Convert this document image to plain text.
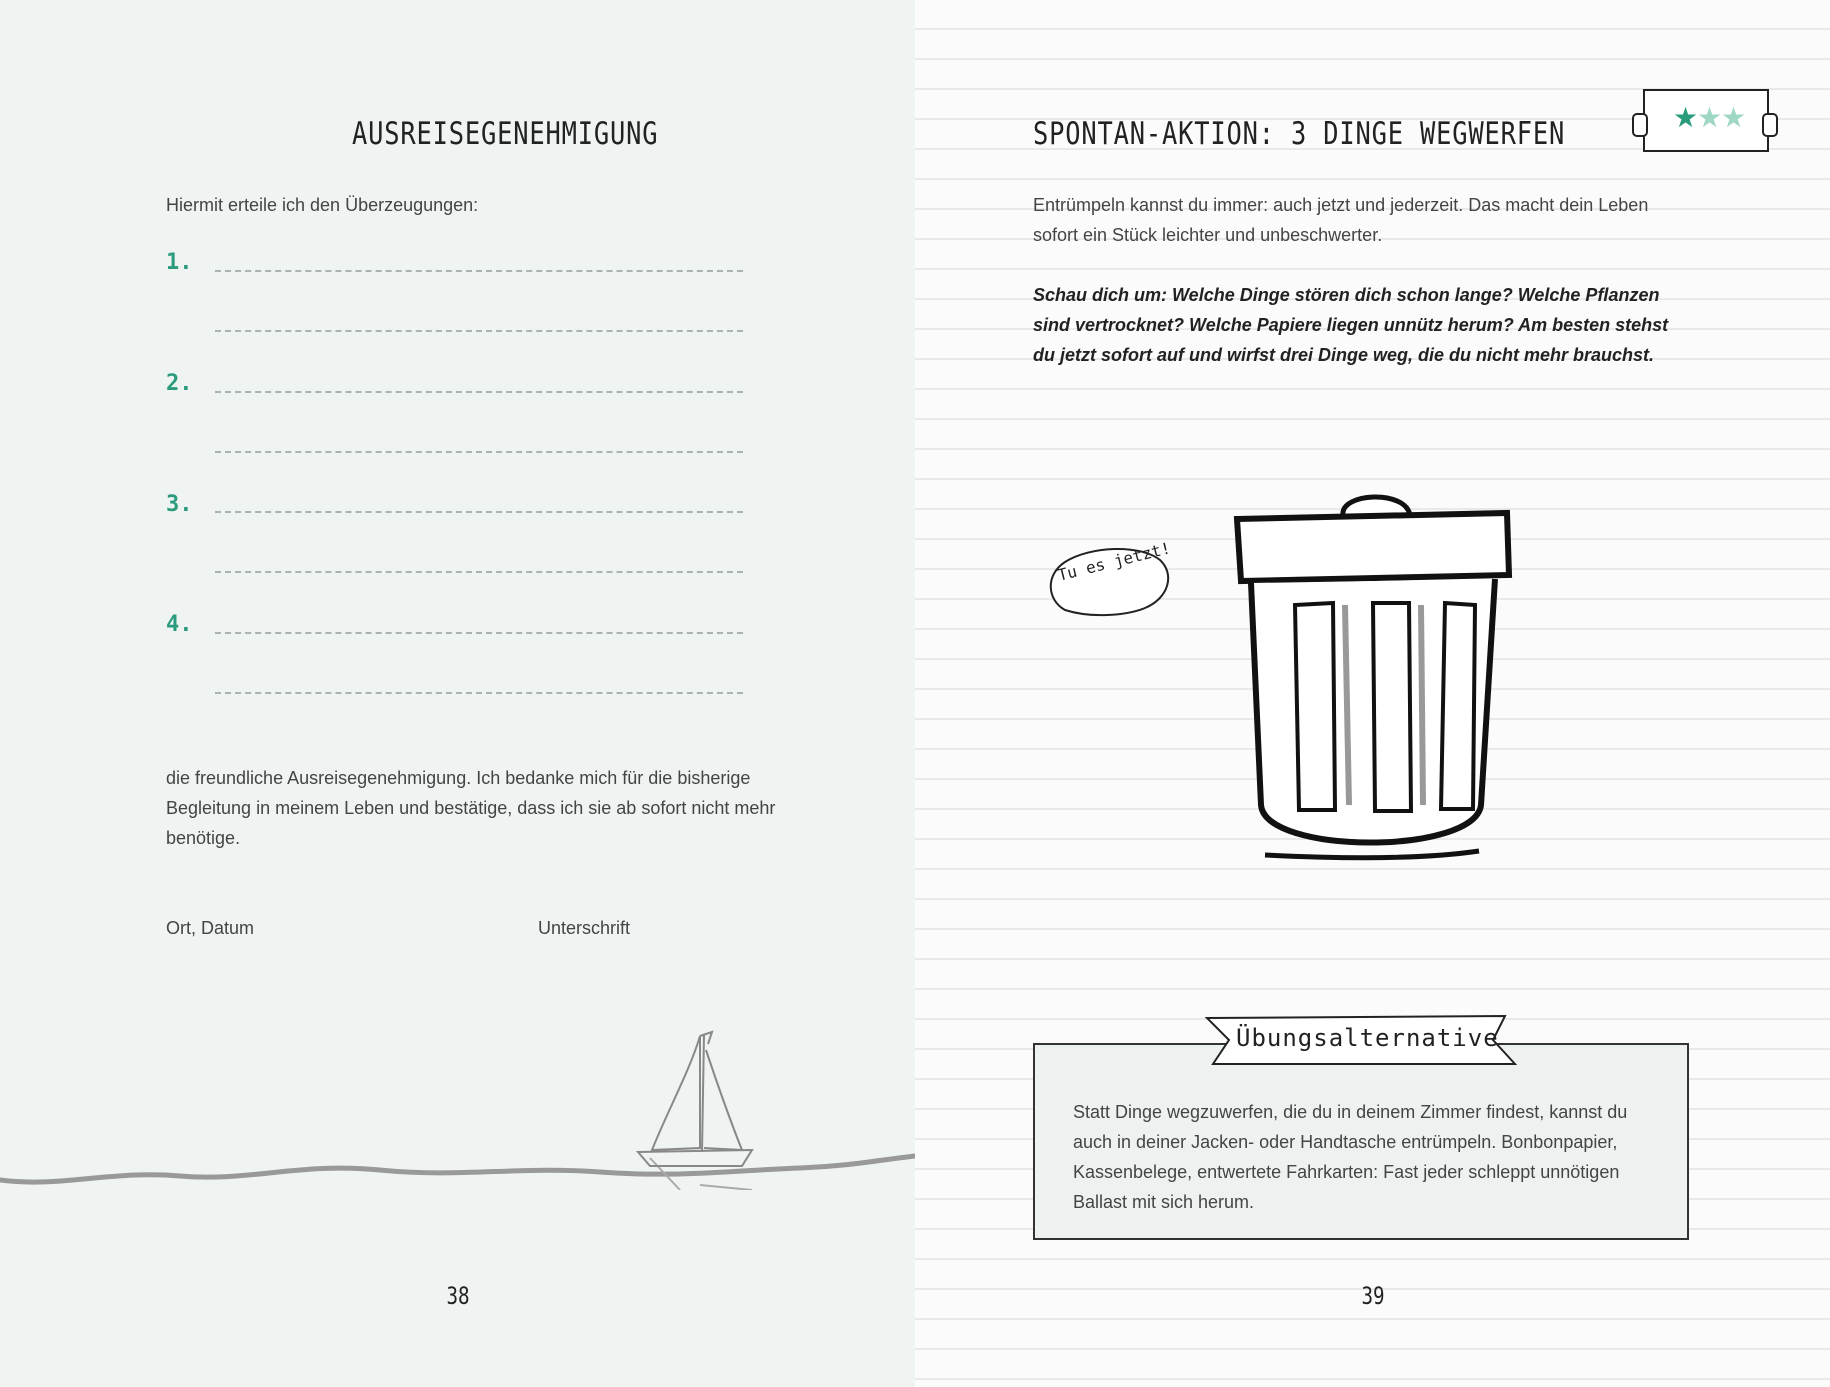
AUSREISEGENEHMIGUNG

Hiermit erteile ich den Überzeugungen:

1.
2.
3.
4.

die freundliche Ausreisegenehmigung. Ich bedanke mich für die bisherige Begleitung in meinem Leben und bestätige, dass ich sie ab sofort nicht mehr benötige.

Ort, Datum	Unterschrift
38
SPONTAN-AKTION: 3 DINGE WEGWERFEN	★
★
★

Entrümpeln kannst du immer: auch jetzt und jederzeit. Das macht dein Leben sofort ein Stück leichter und unbeschwerter.

Schau dich um: Welche Dinge stören dich schon lange? Welche Pflanzen sind vertrocknet? Welche Papiere liegen unnütz herum? Am besten stehst du jetzt sofort auf und wirfst drei Dinge weg, die du nicht mehr brauchst.

Tu es jetzt!

Statt Dinge wegzuwerfen, die du in deinem Zimmer findest, kannst du auch in deiner Jacken- oder Handtasche entrümpeln. Bonbonpapier, Kassenbelege, entwertete Fahrkarten: Fast jeder schleppt unnötigen Ballast mit sich herum.

Übungsalternative
39
